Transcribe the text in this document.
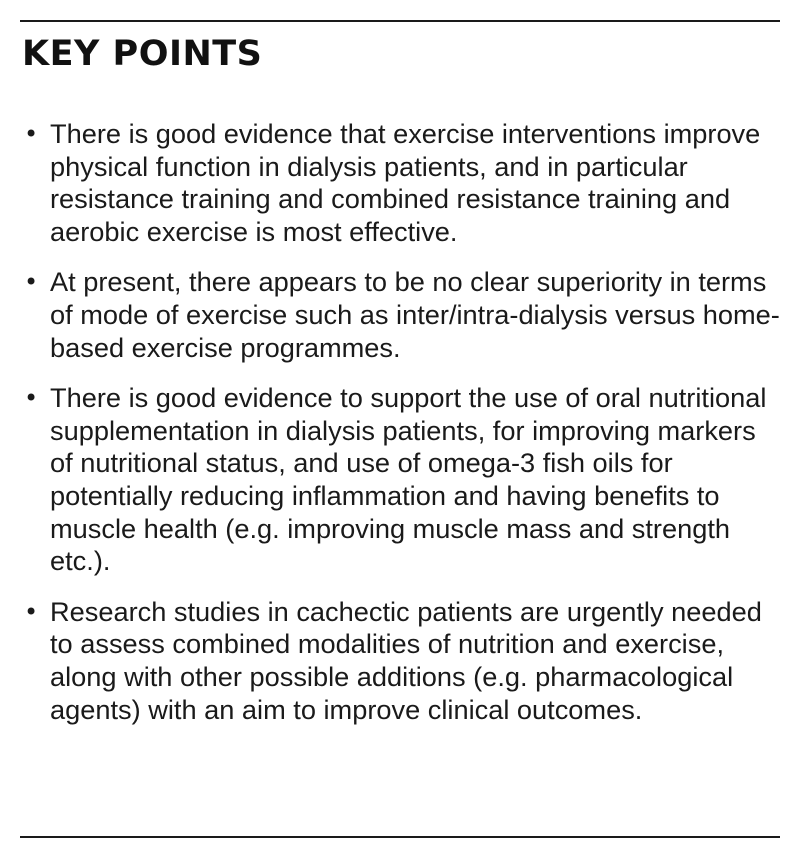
KEY POINTS
• There is good evidence that exercise interventions improve physical function in dialysis patients, and in particular resistance training and combined resistance training and aerobic exercise is most effective.
• At present, there appears to be no clear superiority in terms of mode of exercise such as inter/intra-dialysis versus home-based exercise programmes.
• There is good evidence to support the use of oral nutritional supplementation in dialysis patients, for improving markers of nutritional status, and use of omega-3 fish oils for potentially reducing inflammation and having benefits to muscle health (e.g. improving muscle mass and strength etc.).
• Research studies in cachectic patients are urgently needed to assess combined modalities of nutrition and exercise, along with other possible additions (e.g. pharmacological agents) with an aim to improve clinical outcomes.
